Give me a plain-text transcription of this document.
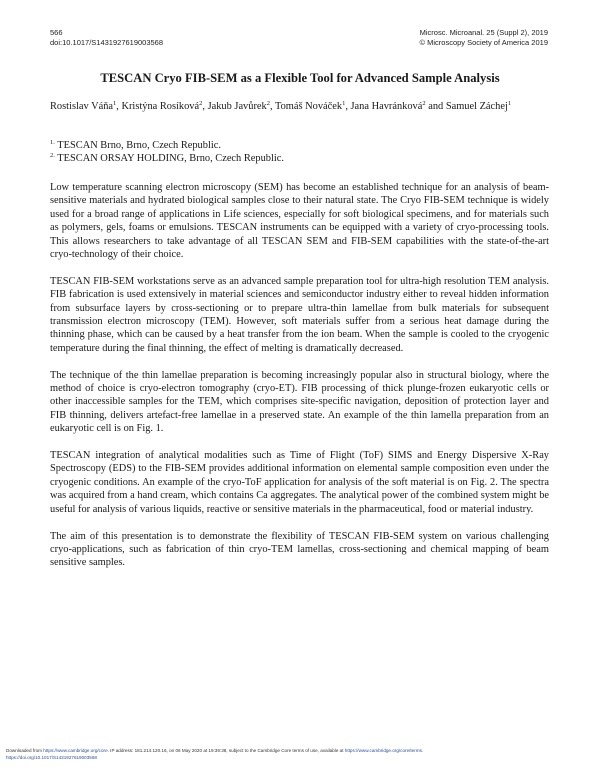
566
doi:10.1017/S1431927619003568
Microsc. Microanal. 25 (Suppl 2), 2019
© Microscopy Society of America 2019
TESCAN Cryo FIB-SEM as a Flexible Tool for Advanced Sample Analysis
Rostislav Váňa$^1$, Kristýna Rosíková$^2$, Jakub Javůrek$^2$, Tomáš Nováček$^1$, Jana Havránková$^2$ and Samuel Záchej$^1$
$^{1.}$ TESCAN Brno, Brno, Czech Republic.
$^{2.}$ TESCAN ORSAY HOLDING, Brno, Czech Republic.

Low temperature scanning electron microscopy (SEM) has become an established technique for an analysis of beam-sensitive materials and hydrated biological samples close to their natural state. The Cryo FIB-SEM technique is widely used for a broad range of applications in Life sciences, especially for soft biological specimens, and for materials such as polymers, gels, foams or emulsions. TESCAN instruments can be equipped with a variety of cryo-processing tools. This allows researchers to take advantage of all TESCAN SEM and FIB-SEM capabilities with the state-of-the-art cryo-technology of their choice.

TESCAN FIB-SEM workstations serve as an advanced sample preparation tool for ultra-high resolution TEM analysis. FIB fabrication is used extensively in material sciences and semiconductor industry either to reveal hidden information from subsurface layers by cross-sectioning or to prepare ultra-thin lamellae from bulk materials for subsequent transmission electron microscopy (TEM). However, soft materials suffer from a serious heat damage during the thinning phase, which can be caused by a heat transfer from the ion beam. When the sample is cooled to the cryogenic temperature during the final thinning, the effect of melting is dramatically decreased.

The technique of the thin lamellae preparation is becoming increasingly popular also in structural biology, where the method of choice is cryo-electron tomography (cryo-ET). FIB processing of thick plunge-frozen eukaryotic cells or other inaccessible samples for the TEM, which comprises site-specific navigation, deposition of protection layer and FIB thinning, delivers artefact-free lamellae in a preserved state. An example of the thin lamella preparation from an eukaryotic cell is on Fig. 1.

TESCAN integration of analytical modalities such as Time of Flight (ToF) SIMS and Energy Dispersive X-Ray Spectroscopy (EDS) to the FIB-SEM provides additional information on elemental sample composition even under the cryogenic conditions. An example of the cryo-ToF application for analysis of the soft material is on Fig. 2. The spectra was acquired from a hand cream, which contains Ca aggregates. The analytical power of the combined system might be useful for analysis of various liquids, reactive or sensitive materials in the pharmaceutical, food or material industry.

The aim of this presentation is to demonstrate the flexibility of TESCAN FIB-SEM system on various challenging cryo-applications, such as fabrication of thin cryo-TEM lamellas, cross-sectioning and chemical mapping of beam sensitive samples.

Downloaded from https://www.cambridge.org/core. IP address: 181.214.120.16, on 06 May 2020 at 19:39:38, subject to the Cambridge Core terms of use, available at https://www.cambridge.org/core/terms.
https://doi.org/10.1017/S1431927619003568
